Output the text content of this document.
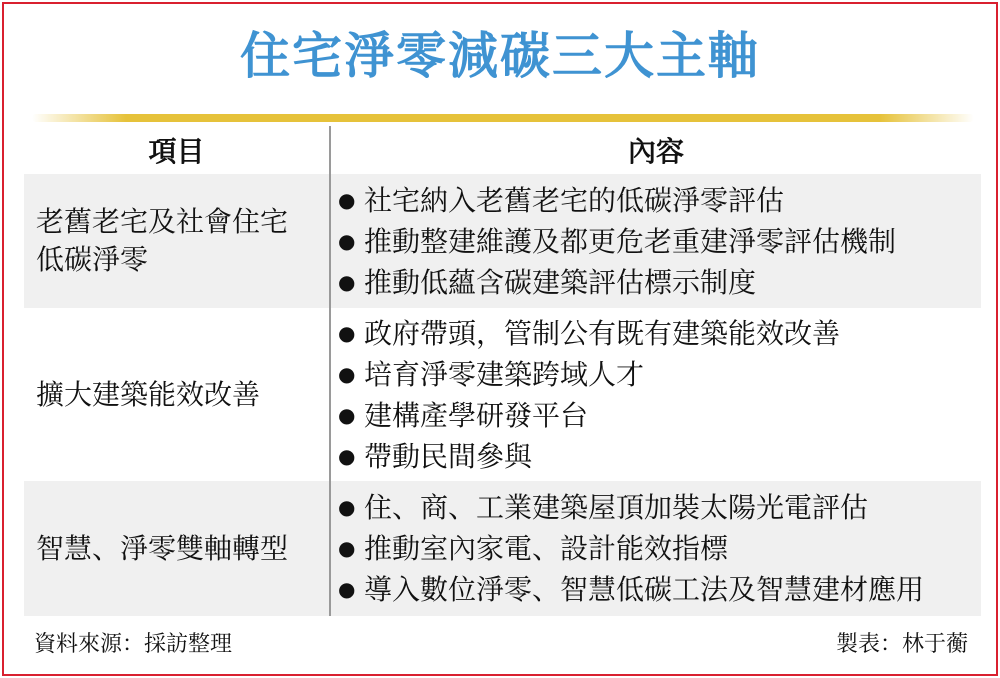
住宅淨零減碳三大主軸
項目	內容
老舊老宅及社會住宅
低碳淨零
● 社宅納入老舊老宅的低碳淨零評估
● 推動整建維護及都更危老重建淨零評估機制
● 推動低蘊含碳建築評估標示制度
擴大建築能效改善
● 政府帶頭，管制公有既有建築能效改善
● 培育淨零建築跨域人才
● 建構產學研發平台
● 帶動民間參與
智慧、淨零雙軸轉型
● 住、商、工業建築屋頂加裝太陽光電評估
● 推動室內家電、設計能效指標
● 導入數位淨零、智慧低碳工法及智慧建材應用
資料來源：採訪整理	製表：林于蘅
